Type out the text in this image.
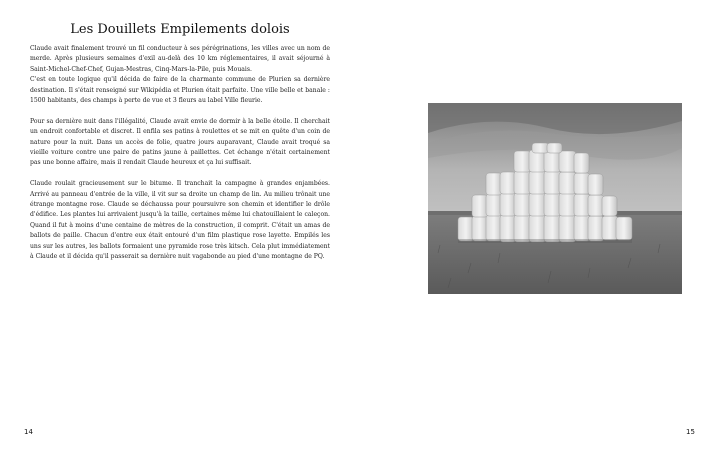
Les Douillets Empilements dolois

Claude avait finalement trouvé un fil conducteur à ses pérégrinations, les villes avec un nom de merde. Après plusieurs semaines d'exil au-delà des 10 km réglementaires, il avait séjourné à Saint-Michel-Chef-Chef, Gujan-Mestras, Cinq-Mars-la-Pile, puis Mouais.

C'est en toute logique qu'il décida de faire de la charmante commune de Plurien sa dernière destination. Il s'était renseigné sur Wikipédia et Plurien était parfaite. Une ville belle et banale : 1500 habitants, des champs à perte de vue et 3 fleurs au label Ville fleurie.

Pour sa dernière nuit dans l'illégalité, Claude avait envie de dormir à la belle étoile. Il cherchait un endroit confortable et discret. Il enfila ses patins à roulettes et se mit en quête d'un coin de nature pour la nuit. Dans un accès de folie, quatre jours auparavant, Claude avait troqué sa vieille voiture contre une paire de patins jaune à paillettes. Cet échange n'était certainement pas une bonne affaire, mais il rendait Claude heureux et ça lui suffisait.

Claude roulait gracieusement sur le bitume. Il tranchait la campagne à grandes enjambées. Arrivé au panneau d'entrée de la ville, il vit sur sa droite un champ de lin. Au milieu trônait une étrange montagne rose. Claude se déchaussa pour poursuivre son chemin et identifier le drôle d'édifice. Les plantes lui arrivaient jusqu'à la taille, certaines même lui chatouillaient le caleçon. Quand il fut à moins d'une centaine de mètres de la construction, il comprit. C'était un amas de ballots de paille. Chacun d'entre eux était entouré d'un film plastique rose layette. Empilés les uns sur les autres, les ballots formaient une pyramide rose très kitsch. Cela plut immédiatement à Claude et il décida qu'il passerait sa dernière nuit vagabonde au pied d'une montagne de PQ.

14	15
